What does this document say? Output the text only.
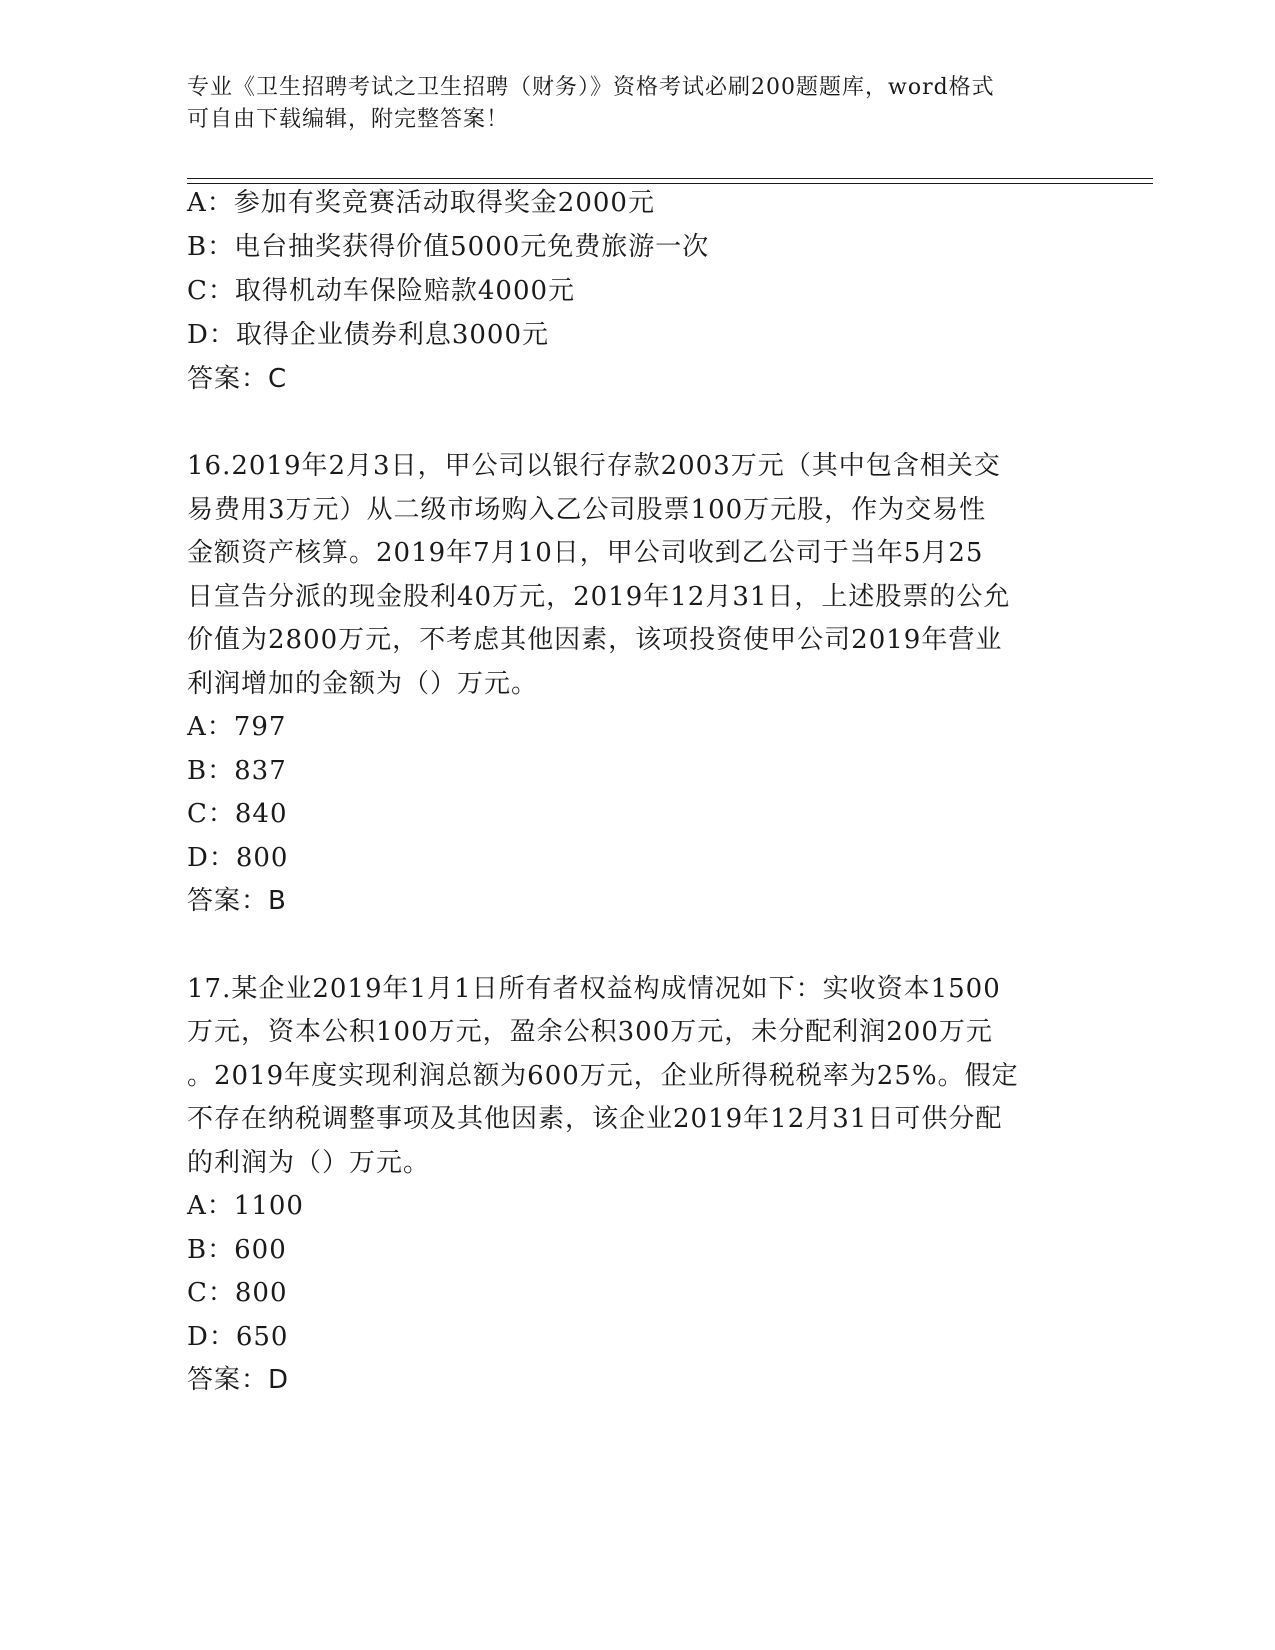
专业《卫生招聘考试之卫生招聘（财务）》资格考试必刷200题题库，word格式
可自由下载编辑，附完整答案！
A：参加有奖竞赛活动取得奖金2000元
B：电台抽奖获得价值5000元免费旅游一次
C：取得机动车保险赔款4000元
D：取得企业债券利息3000元
答案：C
16.2019年2月3日，甲公司以银行存款2003万元（其中包含相关交
易费用3万元）从二级市场购入乙公司股票100万元股，作为交易性
金额资产核算。2019年7月10日，甲公司收到乙公司于当年5月25
日宣告分派的现金股利40万元，2019年12月31日，上述股票的公允
价值为2800万元，不考虑其他因素，该项投资使甲公司2019年营业
利润增加的金额为（）万元。
A：797
B：837
C：840
D：800
答案：B
17.某企业2019年1月1日所有者权益构成情况如下：实收资本1500
万元，资本公积100万元，盈余公积300万元，未分配利润200万元
。2019年度实现利润总额为600万元，企业所得税税率为25%。假定
不存在纳税调整事项及其他因素，该企业2019年12月31日可供分配
的利润为（）万元。
A：1100
B：600
C：800
D：650
答案：D
